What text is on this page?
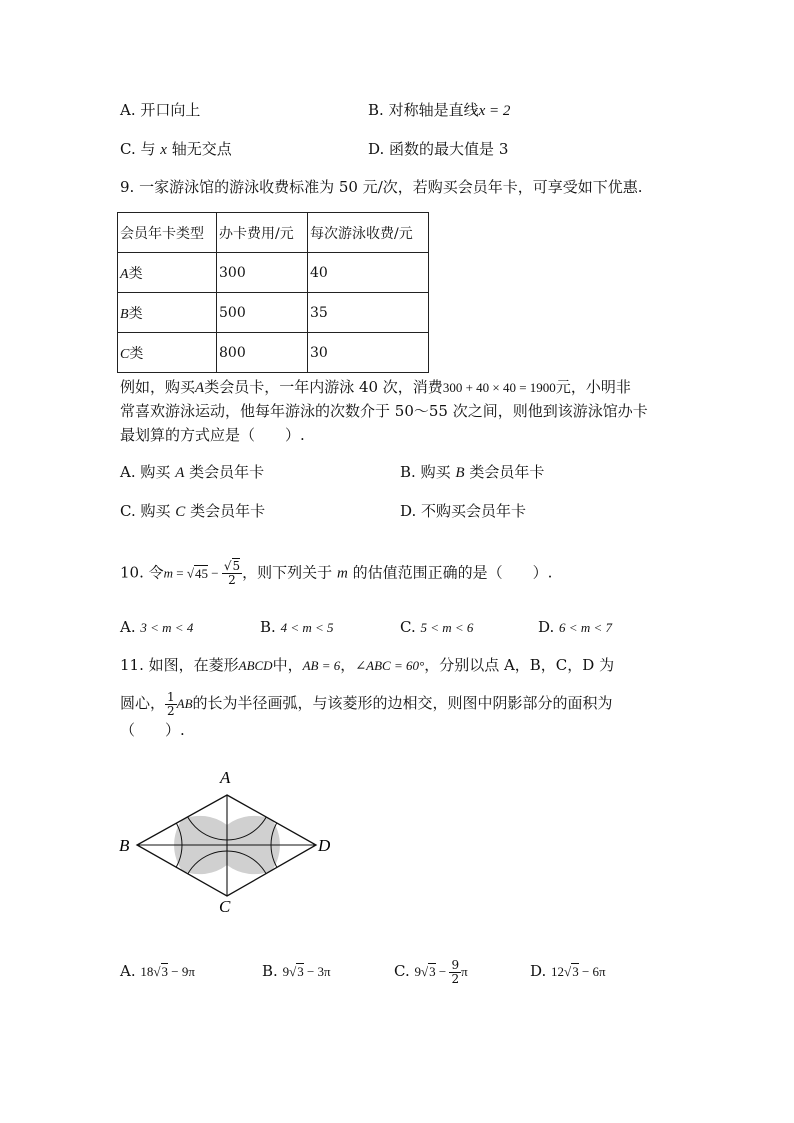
A. 开口向上	B. 对称轴是直线x = 2
C. 与 x 轴无交点	D. 函数的最大值是 3
9. 一家游泳馆的游泳收费标准为 50 元/次，若购买会员年卡，可享受如下优惠.
会员年卡类型	办卡费用/元	每次游泳收费/元
A类	300	40
B类	500	35
C类	800	30
例如，购买A类会员卡，一年内游泳 40 次，消费300 + 40 × 40 = 1900元，小明非
常喜欢游泳运动，他每年游泳的次数介于 50～55 次之间，则他到该游泳馆办卡
最划算的方式应是（　　）.
A. 购买 A 类会员年卡	B. 购买 B 类会员年卡
C. 购买 C 类会员年卡	D. 不购买会员年卡
10. 令$m = √45 - \frac{√5}{2}$ ，则下列关于 m 的估值范围正确的是（　　）.
A. 3 < m < 4	B. 4 < m < 5	C. 5 < m < 6	D. 6 < m < 7
11. 如图，在菱形ABCD中，AB = 6，∠ABC = 60°，分别以点 A，B，C，D 为
圆心， $\frac{1}{2}$ AB的长为半径画弧，与该菱形的边相交，则图中阴影部分的面积为
（　　）.
A
B
C
D
A. 18√3 − 9π	B. 9√3 − 3π	C. $9√3 - \frac{9}{2}$ π	D. 12√3 − 6π
